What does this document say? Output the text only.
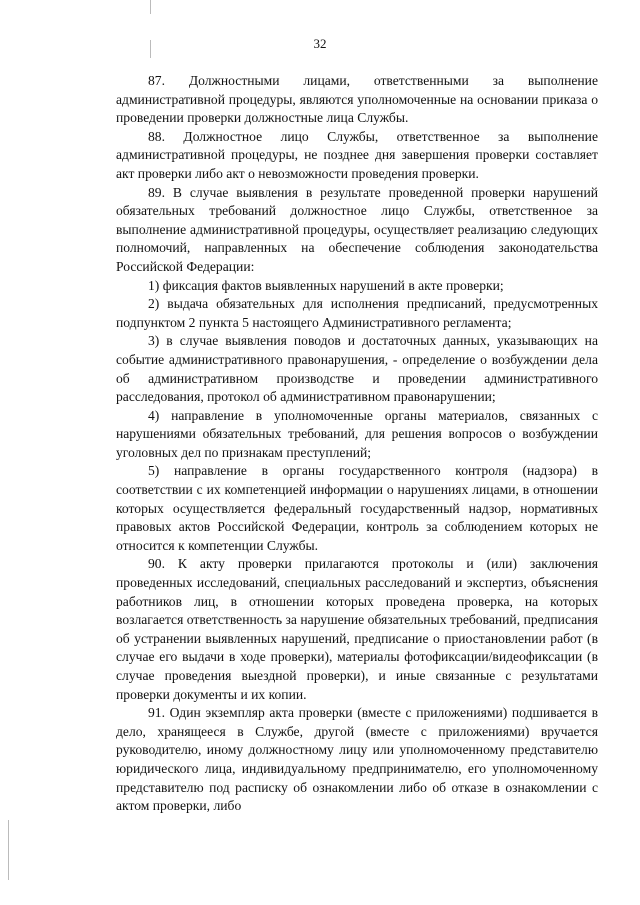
32

87. Должностными лицами, ответственными за выполнение административной процедуры, являются уполномоченные на основании приказа о проведении проверки должностные лица Службы.

88. Должностное лицо Службы, ответственное за выполнение административной процедуры, не позднее дня завершения проверки составляет акт проверки либо акт о невозможности проведения проверки.

89. В случае выявления в результате проведенной проверки нарушений обязательных требований должностное лицо Службы, ответственное за выполнение административной процедуры, осуществляет реализацию следующих полномочий, направленных на обеспечение соблюдения законодательства Российской Федерации:

1) фиксация фактов выявленных нарушений в акте проверки;

2) выдача обязательных для исполнения предписаний, предусмотренных подпунктом 2 пункта 5 настоящего Административного регламента;

3) в случае выявления поводов и достаточных данных, указывающих на событие административного правонарушения, - определение о возбуждении дела об административном производстве и проведении административного расследования, протокол об административном правонарушении;

4) направление в уполномоченные органы материалов, связанных с нарушениями обязательных требований, для решения вопросов о возбуждении уголовных дел по признакам преступлений;

5) направление в органы государственного контроля (надзора) в соответствии с их компетенцией информации о нарушениях лицами, в отношении которых осуществляется федеральный государственный надзор, нормативных правовых актов Российской Федерации, контроль за соблюдением которых не относится к компетенции Службы.

90. К акту проверки прилагаются протоколы и (или) заключения проведенных исследований, специальных расследований и экспертиз, объяснения работников лиц, в отношении которых проведена проверка, на которых возлагается ответственность за нарушение обязательных требований, предписания об устранении выявленных нарушений, предписание о приостановлении работ (в случае его выдачи в ходе проверки), материалы фотофиксации/видеофиксации (в случае проведения выездной проверки), и иные связанные с результатами проверки документы и их копии.

91. Один экземпляр акта проверки (вместе с приложениями) подшивается в дело, хранящееся в Службе, другой (вместе с приложениями) вручается руководителю, иному должностному лицу или уполномоченному представителю юридического лица, индивидуальному предпринимателю, его уполномоченному представителю под расписку об ознакомлении либо об отказе в ознакомлении с актом проверки, либо
